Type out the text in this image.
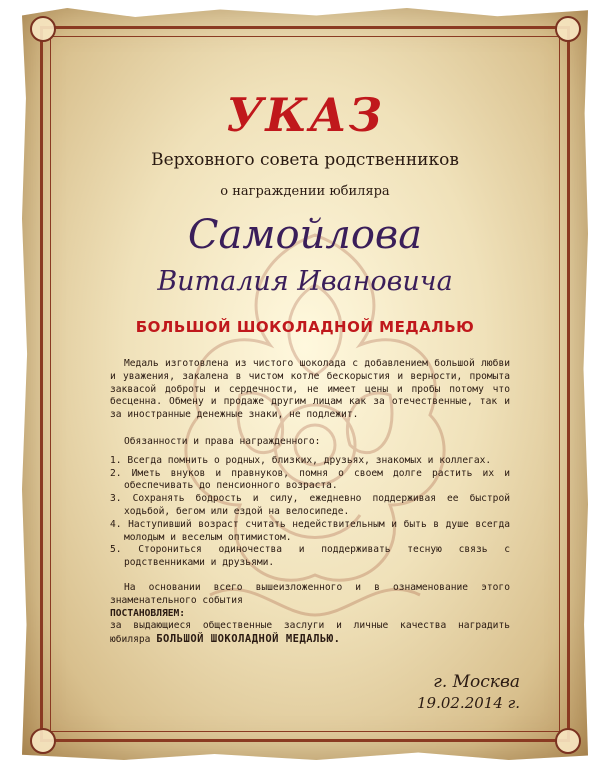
УКАЗ
Верховного совета родственников
о награждении юбиляра
Самойлова
Виталия Ивановича
БОЛЬШОЙ ШОКОЛАДНОЙ МЕДАЛЬЮ

Медаль изготовлена из чистого шоколада с добавлением большой любви и уважения, закалена в чистом котле бескорыстия и верности, промыта заквасой доброты и сердечности, не имеет цены и пробы потому что бесценна. Обмену и продаже другим лицам как за отечественные, так и за иностранные денежные знаки, не подлежит.

Обязанности и права награжденного:

1. Всегда помнить о родных, близких, друзьях, знакомых и коллегах.
2. Иметь внуков и правнуков, помня о своем долге растить их и обеспечивать до пенсионного возраста.
3. Сохранять бодрость и силу, ежедневно поддерживая ее быстрой ходьбой, бегом или ездой на велосипеде.
4. Наступивший возраст считать недействительным и быть в душе всегда молодым и веселым оптимистом.
5. Сторониться одиночества и поддерживать тесную связь с родственниками и друзьями.

На основании всего вышеизложенного и в ознаменование этого знаменательного события

ПОСТАНОВЛЯЕМ:

за выдающиеся общественные заслуги и личные качества наградить юбиляра БОЛЬШОЙ ШОКОЛАДНОЙ МЕДАЛЬЮ.

г. Москва
19.02.2014 г.
